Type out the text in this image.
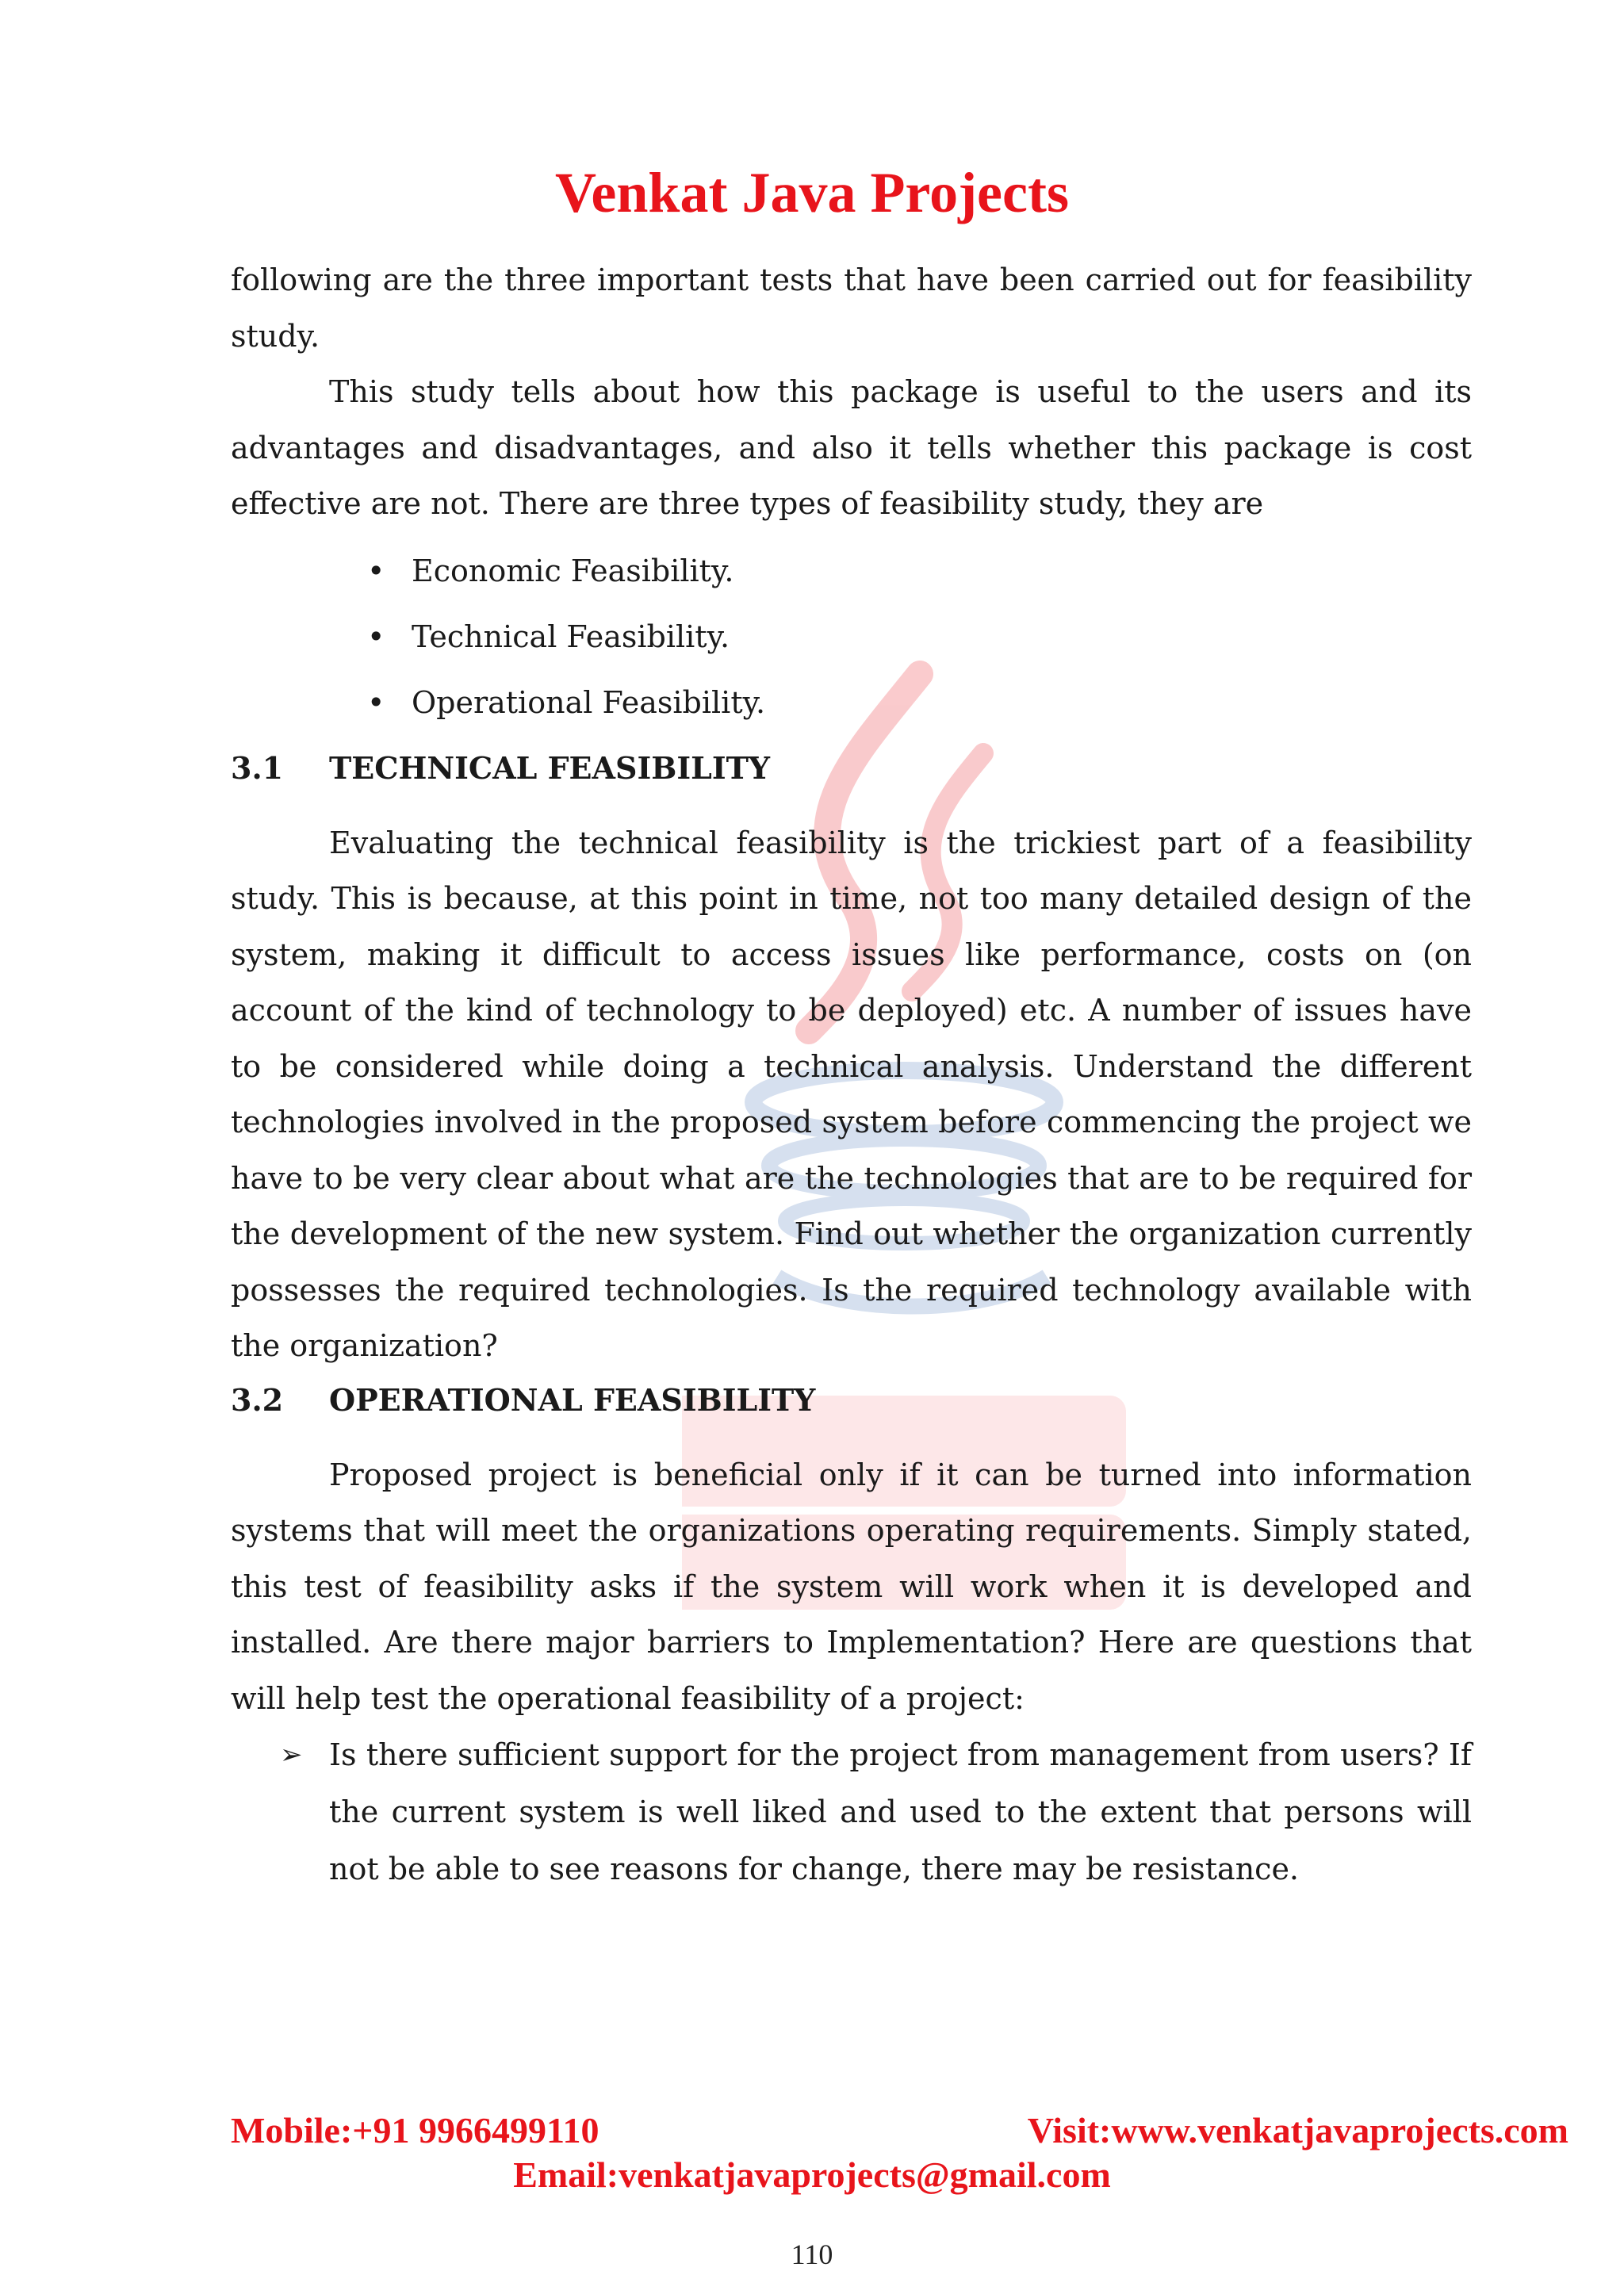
Venkat Java Projects

following are the three important tests that have been carried out for feasibility study.

This study tells about how this package is useful to the users and its advantages and disadvantages, and also it tells whether this package is cost effective are not. There are three types of feasibility study, they are

• Economic Feasibility.
• Technical Feasibility.
• Operational Feasibility.
3.1 TECHNICAL FEASIBILITY

Evaluating the technical feasibility is the trickiest part of a feasibility study. This is because, at this point in time, not too many detailed design of the system, making it difficult to access issues like performance, costs on (on account of the kind of technology to be deployed) etc. A number of issues have to be considered while doing a technical analysis. Understand the different technologies involved in the proposed system before commencing the project we have to be very clear about what are the technologies that are to be required for the development of the new system. Find out whether the organization currently possesses the required technologies. Is the required technology available with the organization?

3.2 OPERATIONAL FEASIBILITY

Proposed project is beneficial only if it can be turned into information systems that will meet the organizations operating requirements. Simply stated, this test of feasibility asks if the system will work when it is developed and installed. Are there major barriers to Implementation? Here are questions that will help test the operational feasibility of a project:

➢ Is there sufficient support for the project from management from users? If the current system is well liked and used to the extent that persons will not be able to see reasons for change, there may be resistance.
Mobile:+91 9966499110	Visit:www.venkatjavaprojects.com
Email:venkatjavaprojects@gmail.com
110
